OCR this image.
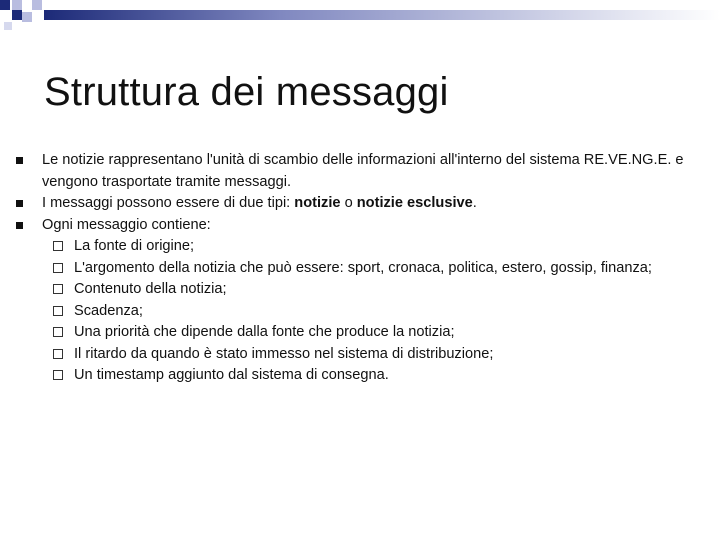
Struttura dei messaggi
Le notizie rappresentano l'unità di scambio delle informazioni all'interno del sistema RE.VE.NG.E. e vengono trasportate tramite messaggi.
I messaggi possono essere di due tipi: notizie o notizie esclusive.
Ogni messaggio contiene:
La fonte di origine;
L'argomento della notizia che può essere: sport, cronaca, politica, estero, gossip, finanza;
Contenuto della notizia;
Scadenza;
Una priorità che dipende dalla fonte che produce la notizia;
Il ritardo da quando è stato immesso nel sistema di distribuzione;
Un timestamp aggiunto dal sistema di consegna.
